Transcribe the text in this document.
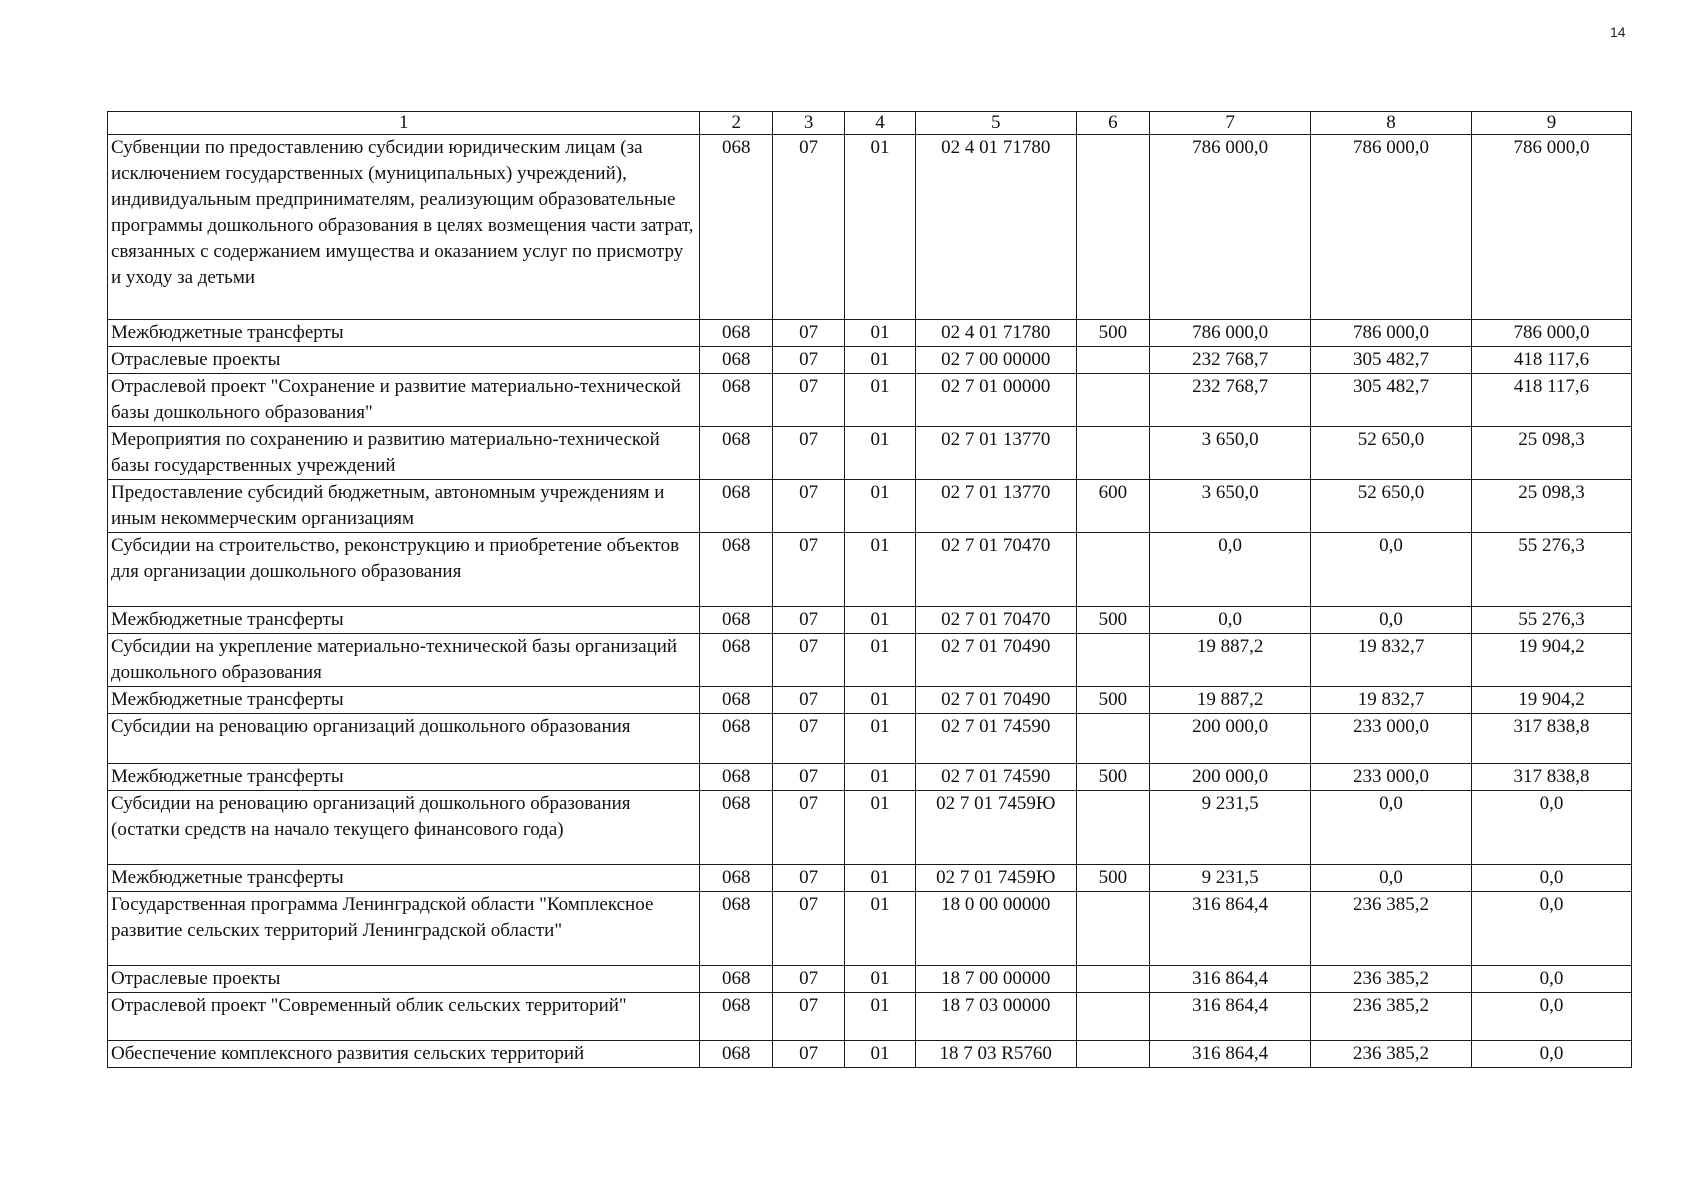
14
1	2	3	4	5	6	7	8	9
Субвенции по предоставлению субсидии юридическим лицам (за исключением государственных (муниципальных) учреждений), индивидуальным предпринимателям, реализующим образовательные программы дошкольного образования в целях возмещения части затрат, связанных с содержанием имущества и оказанием услуг по присмотру и уходу за детьми	068	07	01	02 4 01 71780		786 000,0	786 000,0	786 000,0
Межбюджетные трансферты	068	07	01	02 4 01 71780	500	786 000,0	786 000,0	786 000,0
Отраслевые проекты	068	07	01	02 7 00 00000		232 768,7	305 482,7	418 117,6
Отраслевой проект "Сохранение и развитие материально-технической базы дошкольного образования"	068	07	01	02 7 01 00000		232 768,7	305 482,7	418 117,6
Мероприятия по сохранению и развитию материально-технической базы государственных учреждений	068	07	01	02 7 01 13770		3 650,0	52 650,0	25 098,3
Предоставление субсидий бюджетным, автономным учреждениям и иным некоммерческим организациям	068	07	01	02 7 01 13770	600	3 650,0	52 650,0	25 098,3
Субсидии на строительство, реконструкцию и приобретение объектов для организации дошкольного образования	068	07	01	02 7 01 70470		0,0	0,0	55 276,3
Межбюджетные трансферты	068	07	01	02 7 01 70470	500	0,0	0,0	55 276,3
Субсидии на укрепление материально-технической базы организаций дошкольного образования	068	07	01	02 7 01 70490		19 887,2	19 832,7	19 904,2
Межбюджетные трансферты	068	07	01	02 7 01 70490	500	19 887,2	19 832,7	19 904,2
Субсидии на реновацию организаций дошкольного образования	068	07	01	02 7 01 74590		200 000,0	233 000,0	317 838,8
Межбюджетные трансферты	068	07	01	02 7 01 74590	500	200 000,0	233 000,0	317 838,8
Субсидии на реновацию организаций дошкольного образования (остатки средств на начало текущего финансового года)	068	07	01	02 7 01 7459Ю		9 231,5	0,0	0,0
Межбюджетные трансферты	068	07	01	02 7 01 7459Ю	500	9 231,5	0,0	0,0
Государственная программа Ленинградской области "Комплексное развитие сельских территорий Ленинградской области"	068	07	01	18 0 00 00000		316 864,4	236 385,2	0,0
Отраслевые проекты	068	07	01	18 7 00 00000		316 864,4	236 385,2	0,0
Отраслевой проект "Современный облик сельских территорий"	068	07	01	18 7 03 00000		316 864,4	236 385,2	0,0
Обеспечение комплексного развития сельских территорий	068	07	01	18 7 03 R5760		316 864,4	236 385,2	0,0
